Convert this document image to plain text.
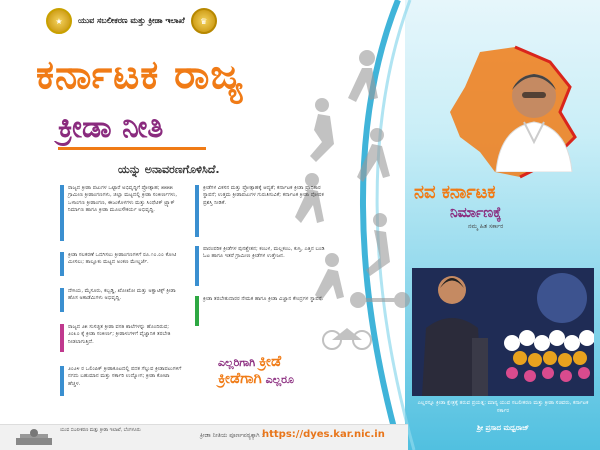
★	ಯುವ ಸಬಲೀಕರಣ ಮತ್ತು ಕ್ರೀಡಾ ಇಲಾಖೆ	♛
ಕರ್ನಾಟಕ ರಾಜ್ಯ
ಕ್ರೀಡಾ ನೀತಿ
ಯನ್ನು ಅನಾವರಣಗೊಳಿಸಿದೆ.
ರಾಜ್ಯದ ಕ್ರೀಡಾ ಪಟುಗಳ ಒಟ್ಟಾರೆ ಅಭಿವೃದ್ಧಿಗೆ ಪ್ರೋತ್ಸಾಹ; ೫೫೫೫ ಗ್ರಾಮೀಣ ಕ್ರೀಡಾಂಗಣಗಳು, ಜಿಲ್ಲಾ ಮಟ್ಟದಲ್ಲಿ ಕ್ರೀಡಾ ಸಂಕೀರ್ಣಗಳು, ಒಳಾಂಗಣ ಕ್ರೀಡಾಂಗಣ, ಈಜುಕೊಳಗಳು ಮತ್ತು ಸಿಂಥೆಟಿಕ್ ಟ್ರ್ಯಾಕ್ ನಿರ್ಮಾಣ ಹಾಗೂ ಕ್ರೀಡಾ ಮೂಲಸೌಕರ್ಯ ಅಭಿವೃದ್ಧಿ.
ಕ್ರೀಡಾ ಸಲಕರಣೆ ಒದಗಿಸಲು ಕ್ರೀಡಾಂಗಣಗಳಿಗೆ ರೂ.೧೦.೦೦ ಕೋಟಿ ಮೀಸಲು; ತಾಲ್ಲೂಕು ಮಟ್ಟದ ಅಂಕಣ ಮೇಲ್ದರ್ಜೆ.
ದೇಸಿಯ, ಮೈಸೂರು, ಕಬ್ಬಡ್ಡಿ, ಖೋಖೋ ಮತ್ತು ಅಕ್ವಾಟಿಕ್ಸ್ ಕ್ರೀಡಾ ಹೊಸ ಅಕಾಡೆಮಿಗಳು ಅಭಿವೃದ್ಧಿ.
ರಾಜ್ಯದ ೨೫ ಸುಸಜ್ಜಿತ ಕ್ರೀಡಾ ವಸತಿ ಶಾಲೆಗಳನ್ನು ಹೊಂದಿರುವ; ೨೦೩೦ ಕ್ಕೆ ಕ್ರೀಡಾ ಸಂಕೀರ್ಣ; ಕ್ರೀಡಾಳುಗಳಿಗೆ ವೈಜ್ಞಾನಿಕ ತರಬೇತಿ ನೀಡಲಾಗುತ್ತಿದೆ.
೨೦೨೪ ರ ಒಲಿಂಪಿಕ್ ಕ್ರೀಡಾಕೂಟದಲ್ಲಿ ಪದಕ ಗೆಲ್ಲುವ ಕ್ರೀಡಾಪಟುಗಳಿಗೆ ನಗದು ಬಹುಮಾನ ಮತ್ತು ಸರ್ಕಾರಿ ಉದ್ಯೋಗ; ಕ್ರೀಡಾ ಕೋಟಾ ಹೆಚ್ಚಳ.
ಕ್ರೀಡೆಗಳ ವಿಕಸನ ಮತ್ತು ಪ್ರೋತ್ಸಾಹಕ್ಕೆ ಆದ್ಯತೆ; ಕರ್ನಾಟಕ ಕ್ರೀಡಾ ಪ್ರಾಧಿಕಾರ ಸ್ಥಾಪನೆ; ಉತ್ತಮ ಕ್ರೀಡಾಪಟುಗಳ ಗುರುತಿಸುವಿಕೆ; ಕರ್ನಾಟಕ ಕ್ರೀಡಾ ಪೋಷಕ ಪ್ರಶಸ್ತಿ ನೀಡಿಕೆ.
ಪಾರಂಪರಿಕ ಕ್ರೀಡೆಗಳ ಪುನಶ್ಚೇತನ; ಕಂಬಳ, ಮಲ್ಲಕಂಬ, ಕುಸ್ತಿ, ಎತ್ತಿನ ಬಂಡಿ ಓಟ ಹಾಗೂ ಇತರೆ ಗ್ರಾಮೀಣ ಕ್ರೀಡೆಗಳ ಉತ್ತೇಜನ.
ಕ್ರೀಡಾ ತರಬೇತುದಾರರ ನೇಮಕ ಹಾಗೂ ಕ್ರೀಡಾ ವಿಜ್ಞಾನ ಕೇಂದ್ರಗಳ ಸ್ಥಾಪನೆ.
ಎಲ್ಲರಿಗಾಗಿ ಕ್ರೀಡೆ
ಕ್ರೀಡೆಗಾಗಿ ಎಲ್ಲರೂ
ನವ ಕರ್ನಾಟಕ
ನಿರ್ಮಾಣಕ್ಕೆ
ನಮ್ಮ ಹಿತ ಸರ್ಕಾರ
ಎಲ್ಲರನ್ನೂ ಕ್ರೀಡಾ ಕ್ಷೇತ್ರಕ್ಕೆ ತರುವ ಪ್ರಯತ್ನ; ಮಾನ್ಯ ಯುವ ಸಬಲೀಕರಣ ಮತ್ತು ಕ್ರೀಡಾ ಸಚಿವರು, ಕರ್ನಾಟಕ ಸರ್ಕಾರ
ಶ್ರೀ ಪ್ರಸಾದ ಮಧ್ವರಾಜ್
ಯುವ ಸಬಲೀಕರಣ ಮತ್ತು ಕ್ರೀಡಾ ಇಲಾಖೆ, ಬೆಂಗಳೂರು
ಕ್ರೀಡಾ ನೀತಿಯ ಪೂರ್ಣಪಠ್ಯಕ್ಕಾಗಿ :
https://dyes.kar.nic.in
